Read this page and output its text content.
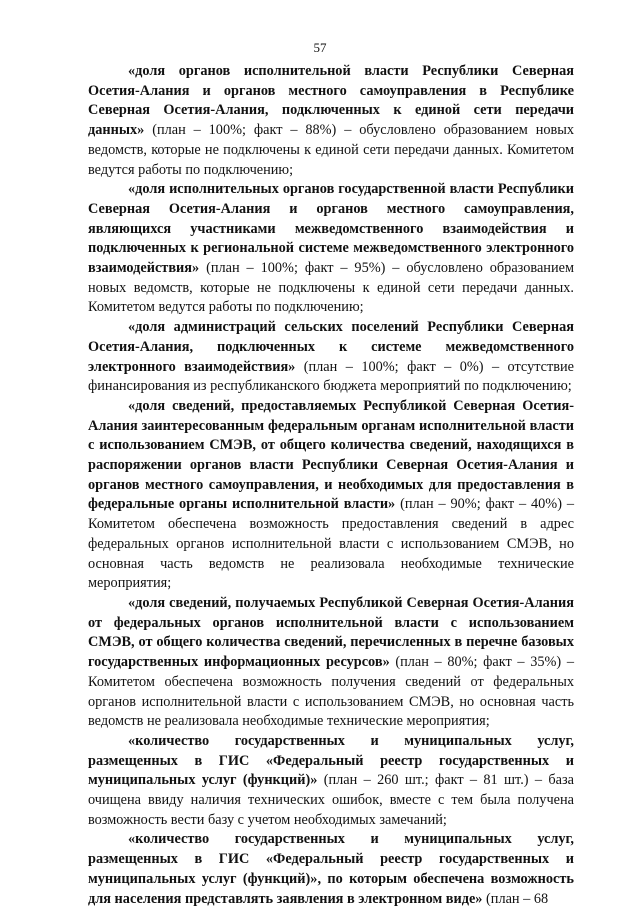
57

«доля органов исполнительной власти Республики Северная Осетия-Алания и органов местного самоуправления в Республике Северная Осетия-Алания, подключенных к единой сети передачи данных» (план – 100%; факт – 88%) – обусловлено образованием новых ведомств, которые не подключены к единой сети передачи данных. Комитетом ведутся работы по подключению;

«доля исполнительных органов государственной власти Республики Северная Осетия-Алания и органов местного самоуправления, являющихся участниками межведомственного взаимодействия и подключенных к региональной системе межведомственного электронного взаимодействия» (план – 100%; факт – 95%) – обусловлено образованием новых ведомств, которые не подключены к единой сети передачи данных. Комитетом ведутся работы по подключению;

«доля администраций сельских поселений Республики Северная Осетия-Алания, подключенных к системе межведомственного электронного взаимодействия» (план – 100%; факт – 0%) – отсутствие финансирования из республиканского бюджета мероприятий по подключению;

«доля сведений, предоставляемых Республикой Северная Осетия-Алания заинтересованным федеральным органам исполнительной власти с использованием СМЭВ, от общего количества сведений, находящихся в распоряжении органов власти Республики Северная Осетия-Алания и органов местного самоуправления, и необходимых для предоставления в федеральные органы исполнительной власти» (план – 90%; факт – 40%) – Комитетом обеспечена возможность предоставления сведений в адрес федеральных органов исполнительной власти с использованием СМЭВ, но основная часть ведомств не реализовала необходимые технические мероприятия;

«доля сведений, получаемых Республикой Северная Осетия-Алания от федеральных органов исполнительной власти с использованием СМЭВ, от общего количества сведений, перечисленных в перечне базовых государственных информационных ресурсов» (план – 80%; факт – 35%) – Комитетом обеспечена возможность получения сведений от федеральных органов исполнительной власти с использованием СМЭВ, но основная часть ведомств не реализовала необходимые технические мероприятия;

«количество государственных и муниципальных услуг, размещенных в ГИС «Федеральный реестр государственных и муниципальных услуг (функций)» (план – 260 шт.; факт – 81 шт.) – база очищена ввиду наличия технических ошибок, вместе с тем была получена возможность вести базу с учетом необходимых замечаний;

«количество государственных и муниципальных услуг, размещенных в ГИС «Федеральный реестр государственных и муниципальных услуг (функций)», по которым обеспечена возможность для населения представлять заявления в электронном виде» (план – 68
